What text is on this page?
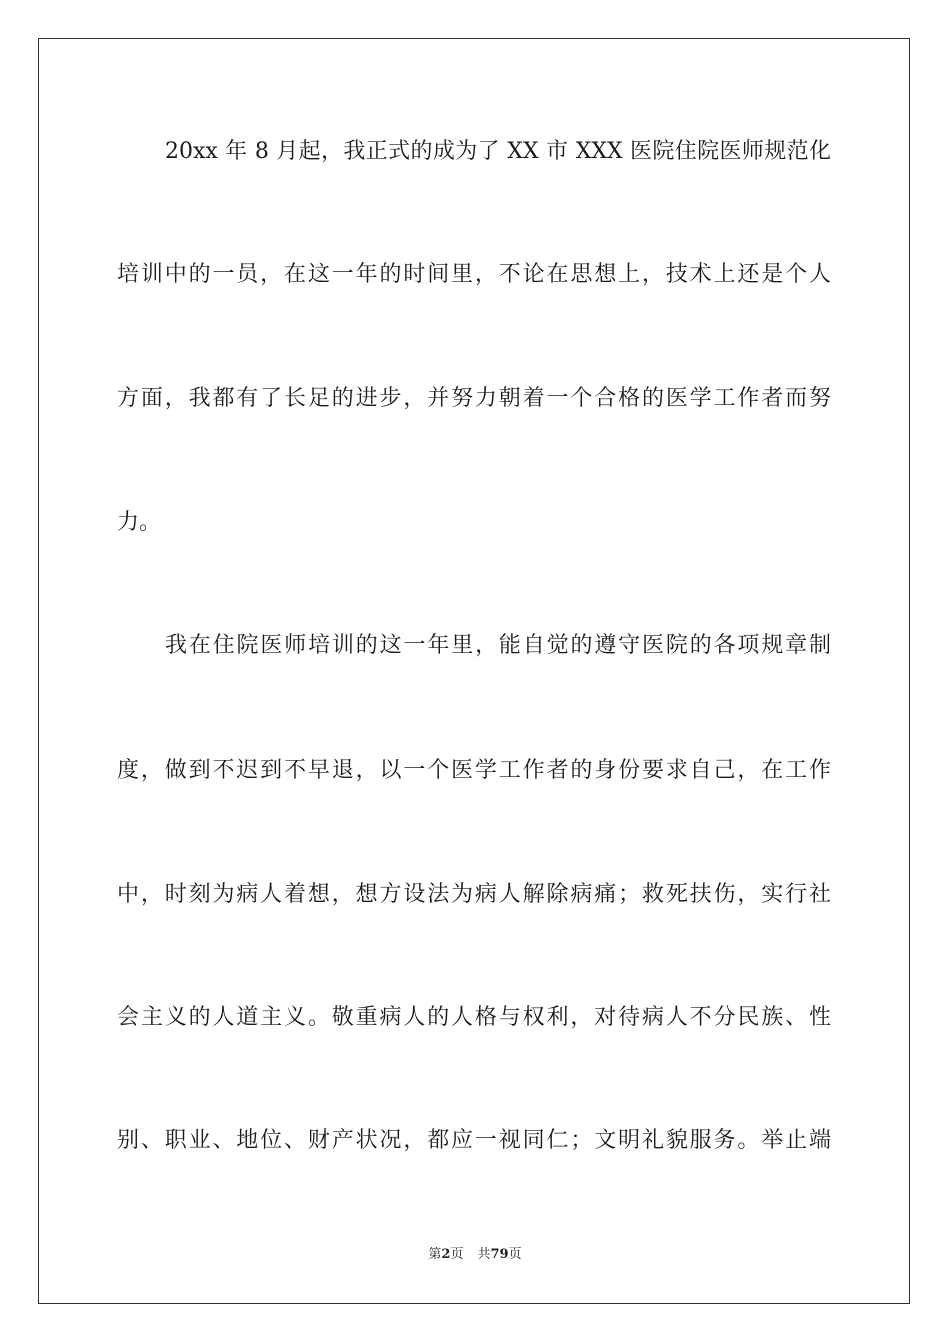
20xx 年 8 月起，我正式的成为了 XX 市 XXX 医院住院医师规范化
培训中的一员，在这一年的时间里，不论在思想上，技术上还是个人
方面，我都有了长足的进步，并努力朝着一个合格的医学工作者而努
力。
我在住院医师培训的这一年里，能自觉的遵守医院的各项规章制
度，做到不迟到不早退，以一个医学工作者的身份要求自己，在工作
中，时刻为病人着想，想方设法为病人解除病痛；救死扶伤，实行社
会主义的人道主义。敬重病人的人格与权利，对待病人不分民族、性
别、职业、地位、财产状况，都应一视同仁；文明礼貌服务。举止端
第2页 共79页
